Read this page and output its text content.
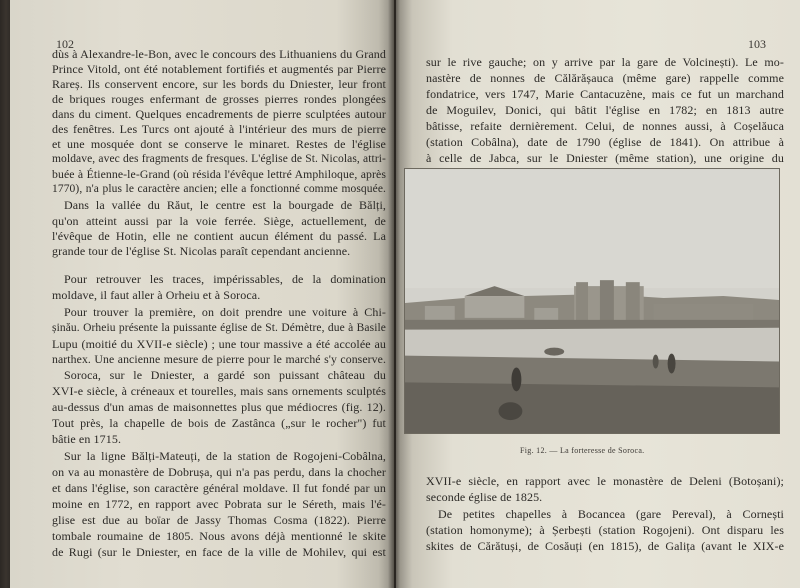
102
dùs à Alexandre-le-Bon, avec le concours des Lithuaniens du Grand
Prince Vitold, ont été notablement fortifiés et augmentés par Pierre
Rareș. Ils conservent encore, sur les bords du Dniester, leur front
de briques rouges enfermant de grosses pierres rondes plongées
dans du ciment. Quelques encadrements de pierre sculptées autour
des fenêtres. Les Turcs ont ajouté à l'intérieur des murs de pierre
et une mosquée dont se conserve le minaret. Restes de l'église
moldave, avec des fragments de fresques. L'église de St. Nicolas, attri-
buée à Étienne-le-Grand (où résida l'évêque lettré Amphiloque, après
1770), n'a plus le caractère ancien; elle a fonctionné comme mosquée.
Dans la vallée du Răut, le centre est la bourgade de Bălți,
qu'on atteint aussi par la voie ferrée. Siège, actuellement, de
l'évêque de Hotin, elle ne contient aucun élément du passé. La
grande tour de l'église St. Nicolas paraît cependant ancienne.
Pour retrouver les traces, impérissables, de la domination
moldave, il faut aller à Orheiu et à Soroca.
Pour trouver la première, on doit prendre une voiture à Chi-
șinău. Orheiu présente la puissante église de St. Démètre, due à Basile
Lupu (moitié du XVII-e siècle) ; une tour massive a été accolée au
narthex. Une ancienne mesure de pierre pour le marché s'y conserve.
Soroca, sur le Dniester, a gardé son puissant château du
XVI-e siècle, à créneaux et tourelles, mais sans ornements sculptés
au-dessus d'un amas de maisonnettes plus que médiocres (fig. 12).
Tout près, la chapelle de bois de Zastânca („sur le rocher") fut
bâtie en 1715.
Sur la ligne Bălți-Mateuți, de la station de Rogojeni-Cobâlna,
on va au monastère de Dobrușa, qui n'a pas perdu, dans la chocher
et dans l'église, son caractère général moldave. Il fut fondé par un
moine en 1772, en rapport avec Pobrata sur le Séreth, mais l'é-
glise est due au boïar de Jassy Thomas Cosma (1822). Pierre
tombale roumaine de 1805. Nous avons déjà mentionné le skite
de Rugi (sur le Dniester, en face de la ville de Mohilev, qui est
103
sur le rive gauche; on y arrive par la gare de Volcinești). Le mo-
nastère de nonnes de Călărășauca (même gare) rappelle comme
fondatrice, vers 1747, Marie Cantacuzène, mais ce fut un marchand
de Moguilev, Donici, qui bâtit l'église en 1782; en 1813 autre
bâtisse, refaite dernièrement. Celui, de nonnes aussi, à Coșelăuca
(station Cobâlna), date de 1790 (église de 1841). On attribue à
à celle de Jabca, sur le Dniester (même station), une origine du
Fig. 12. — La forteresse de Soroca.
XVII-e siècle, en rapport avec le monastère de Deleni (Botoșani);
seconde église de 1825.
De petites chapelles à Bocancea (gare Pereval), à Cornești
(station homonyme); à Șerbești (station Rogojeni). Ont disparu les
skites de Cărătuși, de Cosăuți (en 1815), de Galița (avant le XIX-e
